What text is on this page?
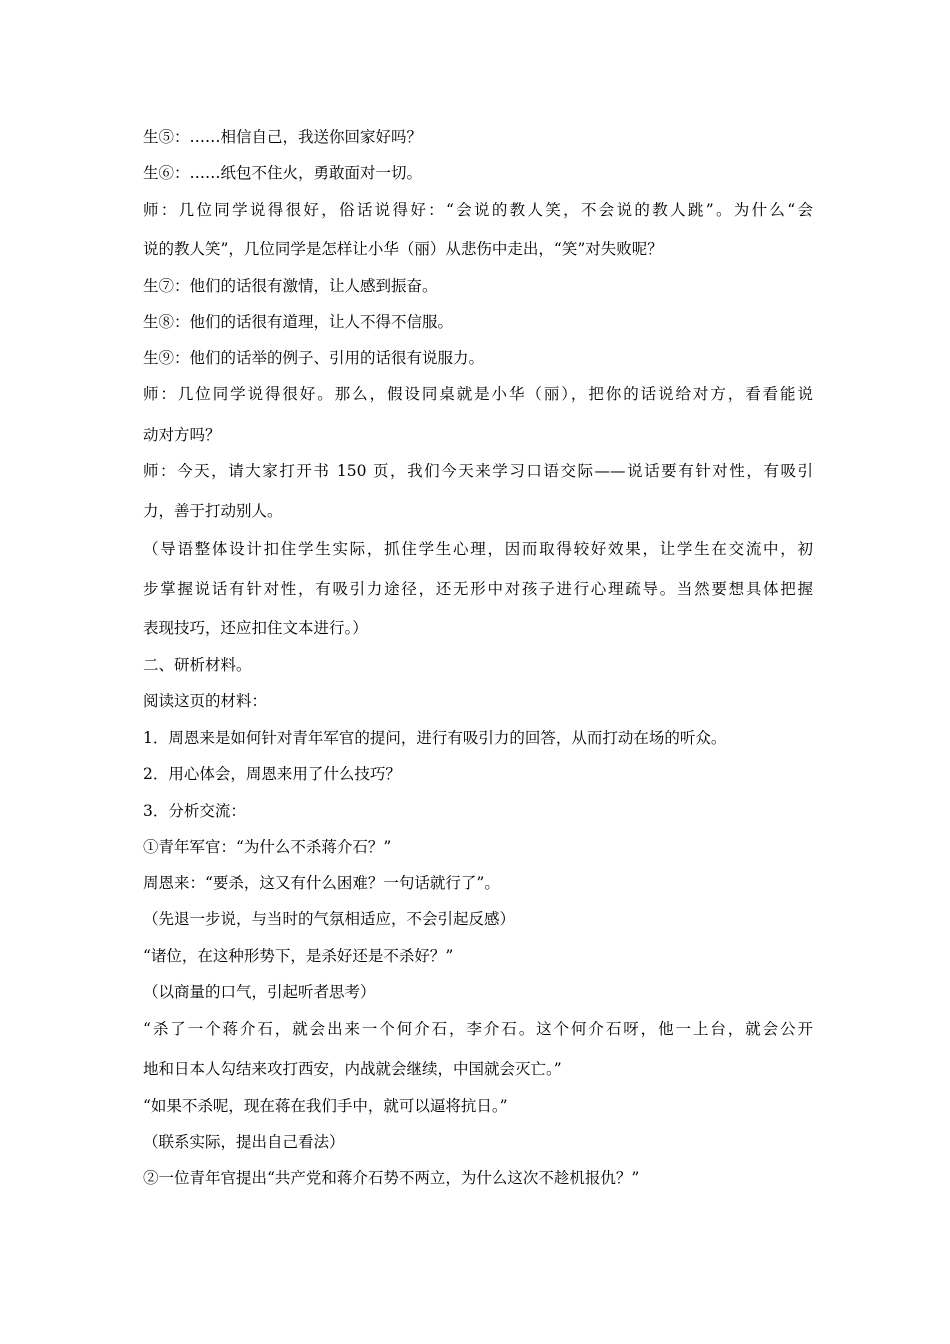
生⑤：……相信自己，我送你回家好吗？
生⑥：……纸包不住火，勇敢面对一切。
师：几位同学说得很好，俗话说得好：“会说的教人笑，不会说的教人跳”。为什么“会
说的教人笑”，几位同学是怎样让小华（丽）从悲伤中走出，“笑”对失败呢？
生⑦：他们的话很有激情，让人感到振奋。
生⑧：他们的话很有道理，让人不得不信服。
生⑨：他们的话举的例子、引用的话很有说服力。
师：几位同学说得很好。那么，假设同桌就是小华（丽），把你的话说给对方，看看能说
动对方吗？
师：今天，请大家打开书 150 页，我们今天来学习口语交际——说话要有针对性，有吸引
力，善于打动别人。
（导语整体设计扣住学生实际，抓住学生心理，因而取得较好效果，让学生在交流中，初
步掌握说话有针对性，有吸引力途径，还无形中对孩子进行心理疏导。当然要想具体把握
表现技巧，还应扣住文本进行。）
二、研析材料。
阅读这页的材料：
1．周恩来是如何针对青年军官的提问，进行有吸引力的回答，从而打动在场的听众。
2．用心体会，周恩来用了什么技巧？
3．分析交流：
①青年军官：“为什么不杀蒋介石？”
周恩来：“要杀，这又有什么困难？一句话就行了”。
（先退一步说，与当时的气氛相适应，不会引起反感）
“诸位，在这种形势下，是杀好还是不杀好？”
（以商量的口气，引起听者思考）
“杀了一个蒋介石，就会出来一个何介石，李介石。这个何介石呀，他一上台，就会公开
地和日本人勾结来攻打西安，内战就会继续，中国就会灭亡。”
“如果不杀呢，现在蒋在我们手中，就可以逼将抗日。”
（联系实际，提出自己看法）
②一位青年官提出“共产党和蒋介石势不两立，为什么这次不趁机报仇？”
